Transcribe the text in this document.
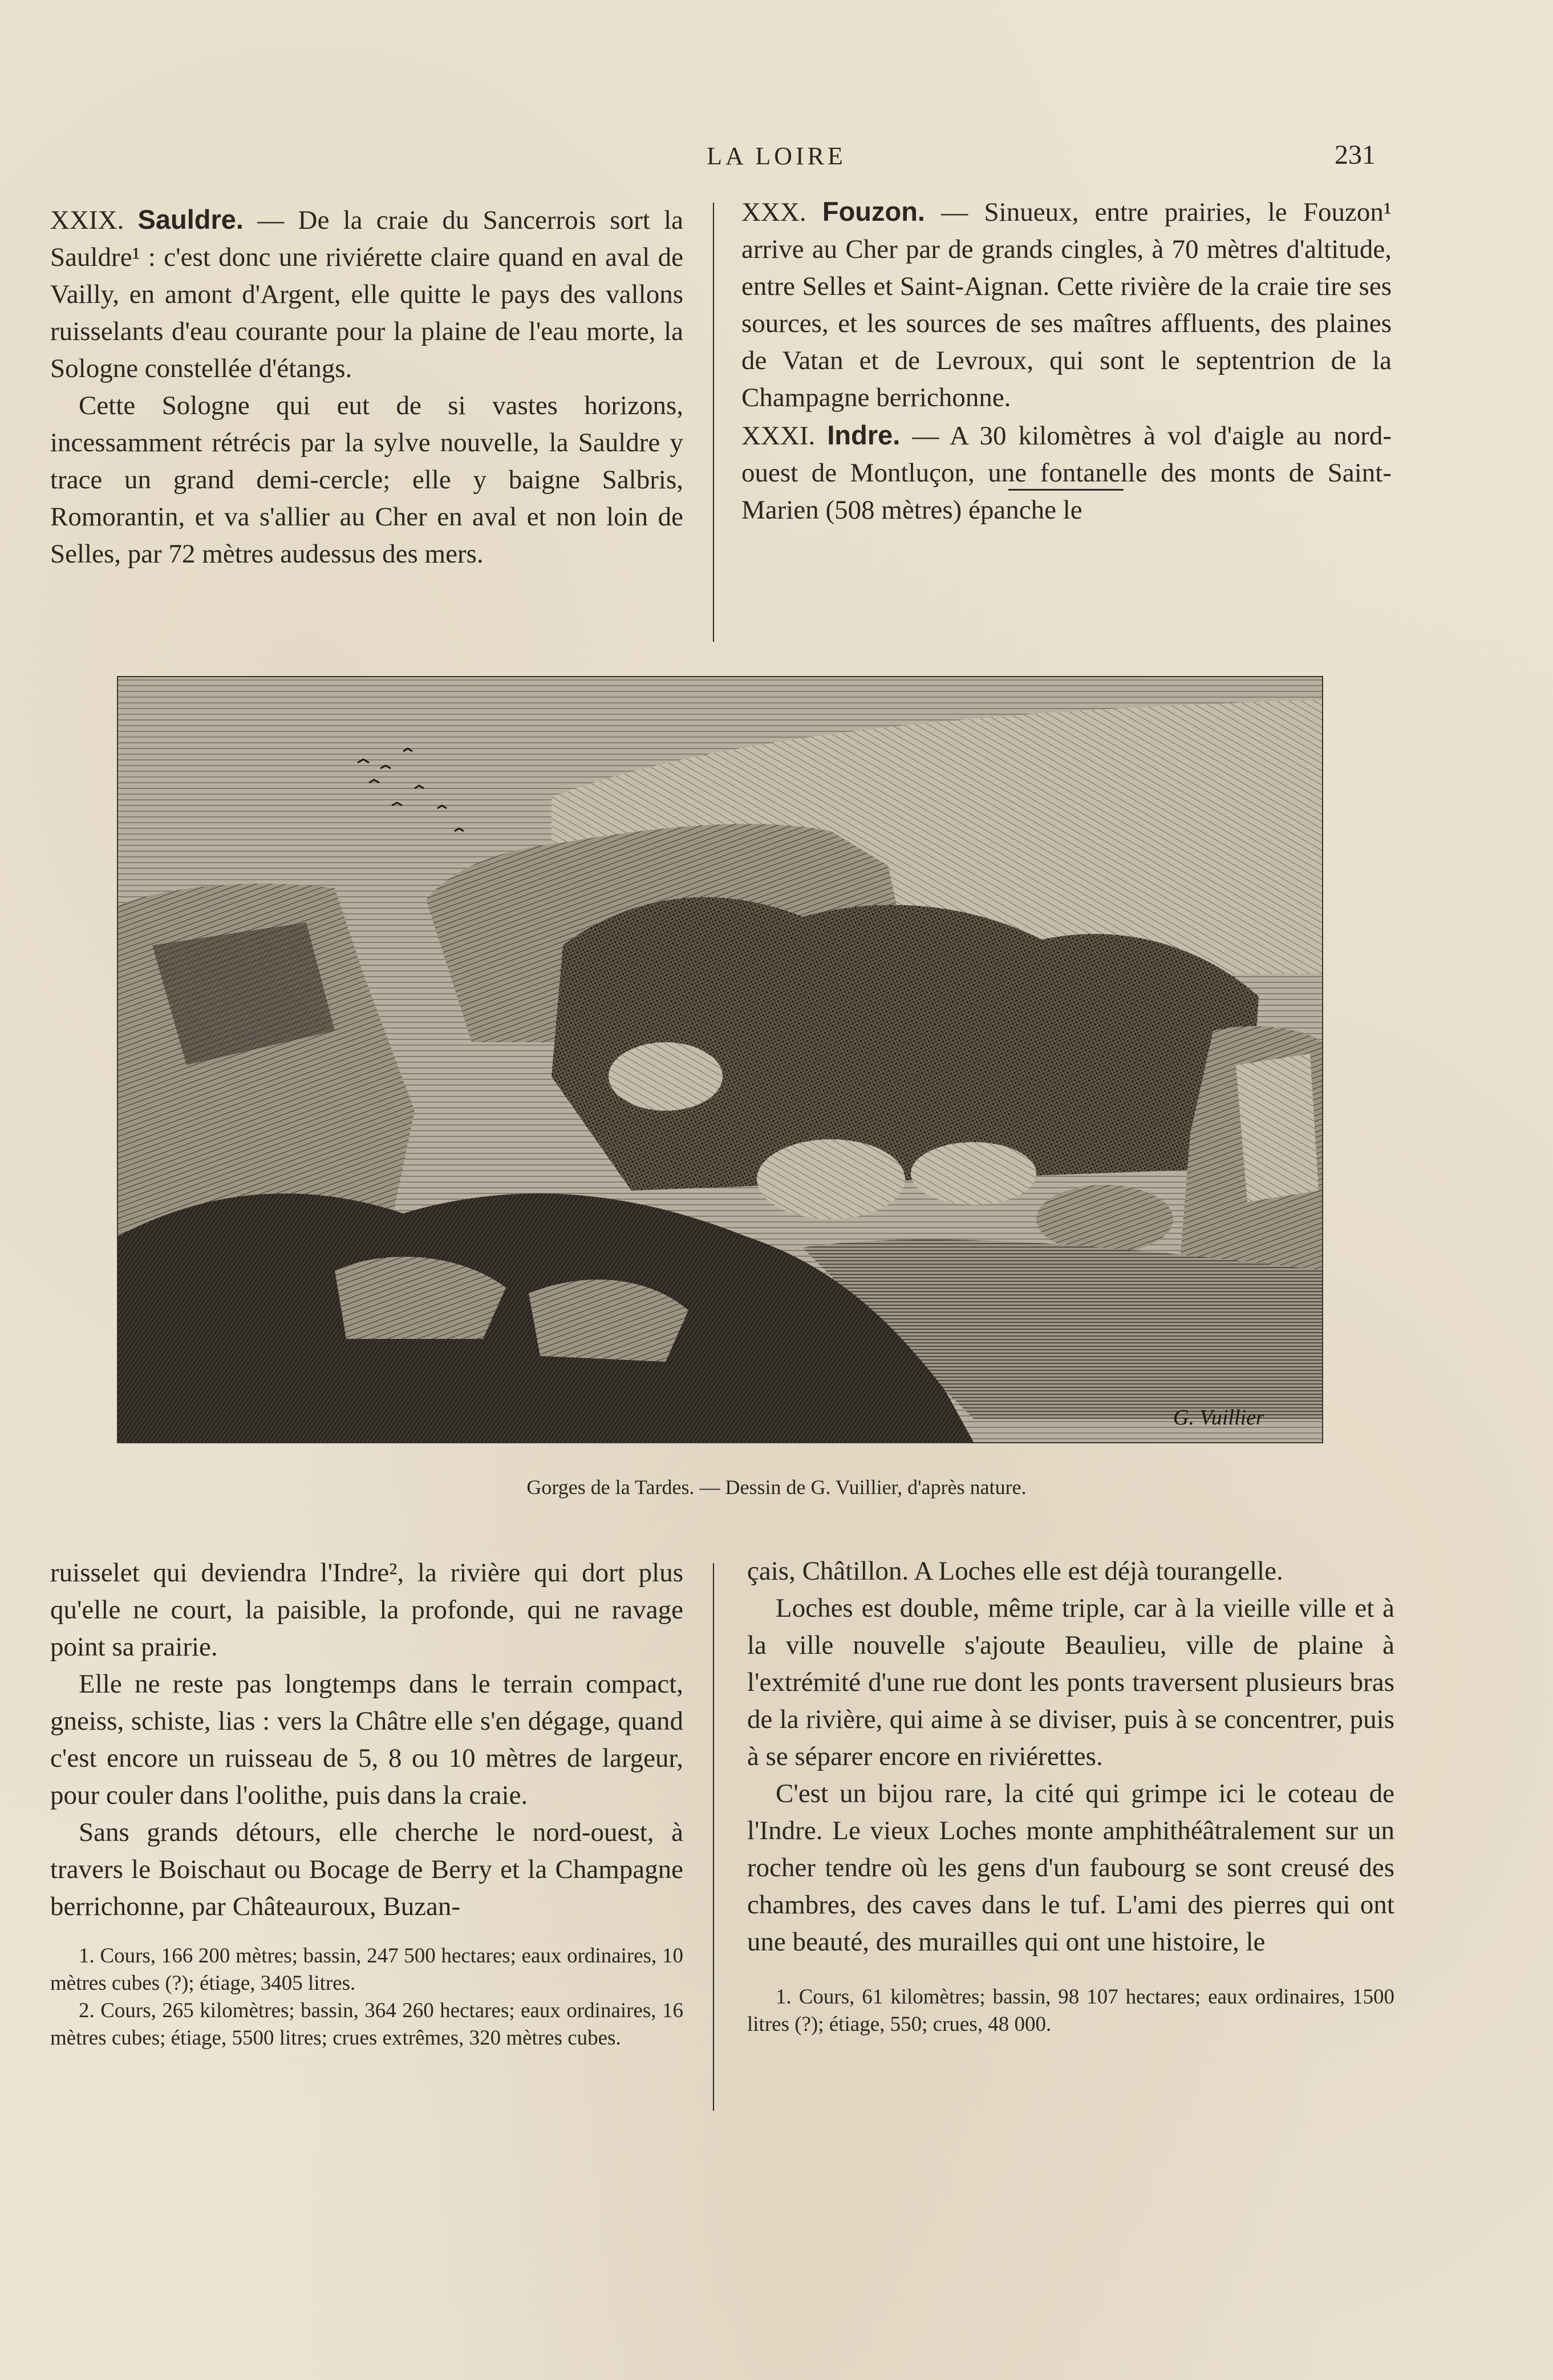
LA LOIRE	231

XXIX. Sauldre. — De la craie du Sancerrois sort la Sauldre¹ : c'est donc une riviérette claire quand en aval de Vailly, en amont d'Argent, elle quitte le pays des vallons ruisselants d'eau courante pour la plaine de l'eau morte, la Sologne constellée d'étangs.

Cette Sologne qui eut de si vastes horizons, incessamment rétrécis par la sylve nouvelle, la Sauldre y trace un grand demi-cercle; elle y baigne Salbris, Romorantin, et va s'allier au Cher en aval et non loin de Selles, par 72 mètres audessus des mers.

XXX. Fouzon. — Sinueux, entre prairies, le Fouzon¹ arrive au Cher par de grands cingles, à 70 mètres d'altitude, entre Selles et Saint-Aignan. Cette rivière de la craie tire ses sources, et les sources de ses maîtres affluents, des plaines de Vatan et de Levroux, qui sont le septentrion de la Champagne berrichonne.

XXXI. Indre. — A 30 kilomètres à vol d'aigle au nord-ouest de Montluçon, une fontanelle des monts de Saint-Marien (508 mètres) épanche le

G. Vuillier
Gorges de la Tardes. — Dessin de G. Vuillier, d'après nature.

ruisselet qui deviendra l'Indre², la rivière qui dort plus qu'elle ne court, la paisible, la profonde, qui ne ravage point sa prairie.

Elle ne reste pas longtemps dans le terrain compact, gneiss, schiste, lias : vers la Châtre elle s'en dégage, quand c'est encore un ruisseau de 5, 8 ou 10 mètres de largeur, pour couler dans l'oolithe, puis dans la craie.

Sans grands détours, elle cherche le nord-ouest, à travers le Boischaut ou Bocage de Berry et la Champagne berrichonne, par Châteauroux, Buzan-

1. Cours, 166 200 mètres; bassin, 247 500 hectares; eaux ordinaires, 10 mètres cubes (?); étiage, 3405 litres.

2. Cours, 265 kilomètres; bassin, 364 260 hectares; eaux ordinaires, 16 mètres cubes; étiage, 5500 litres; crues extrêmes, 320 mètres cubes.

çais, Châtillon. A Loches elle est déjà tourangelle.

Loches est double, même triple, car à la vieille ville et à la ville nouvelle s'ajoute Beaulieu, ville de plaine à l'extrémité d'une rue dont les ponts traversent plusieurs bras de la rivière, qui aime à se diviser, puis à se concentrer, puis à se séparer encore en riviérettes.

C'est un bijou rare, la cité qui grimpe ici le coteau de l'Indre. Le vieux Loches monte amphithéâtralement sur un rocher tendre où les gens d'un faubourg se sont creusé des chambres, des caves dans le tuf. L'ami des pierres qui ont une beauté, des murailles qui ont une histoire, le

1. Cours, 61 kilomètres; bassin, 98 107 hectares; eaux ordinaires, 1500 litres (?); étiage, 550; crues, 48 000.
